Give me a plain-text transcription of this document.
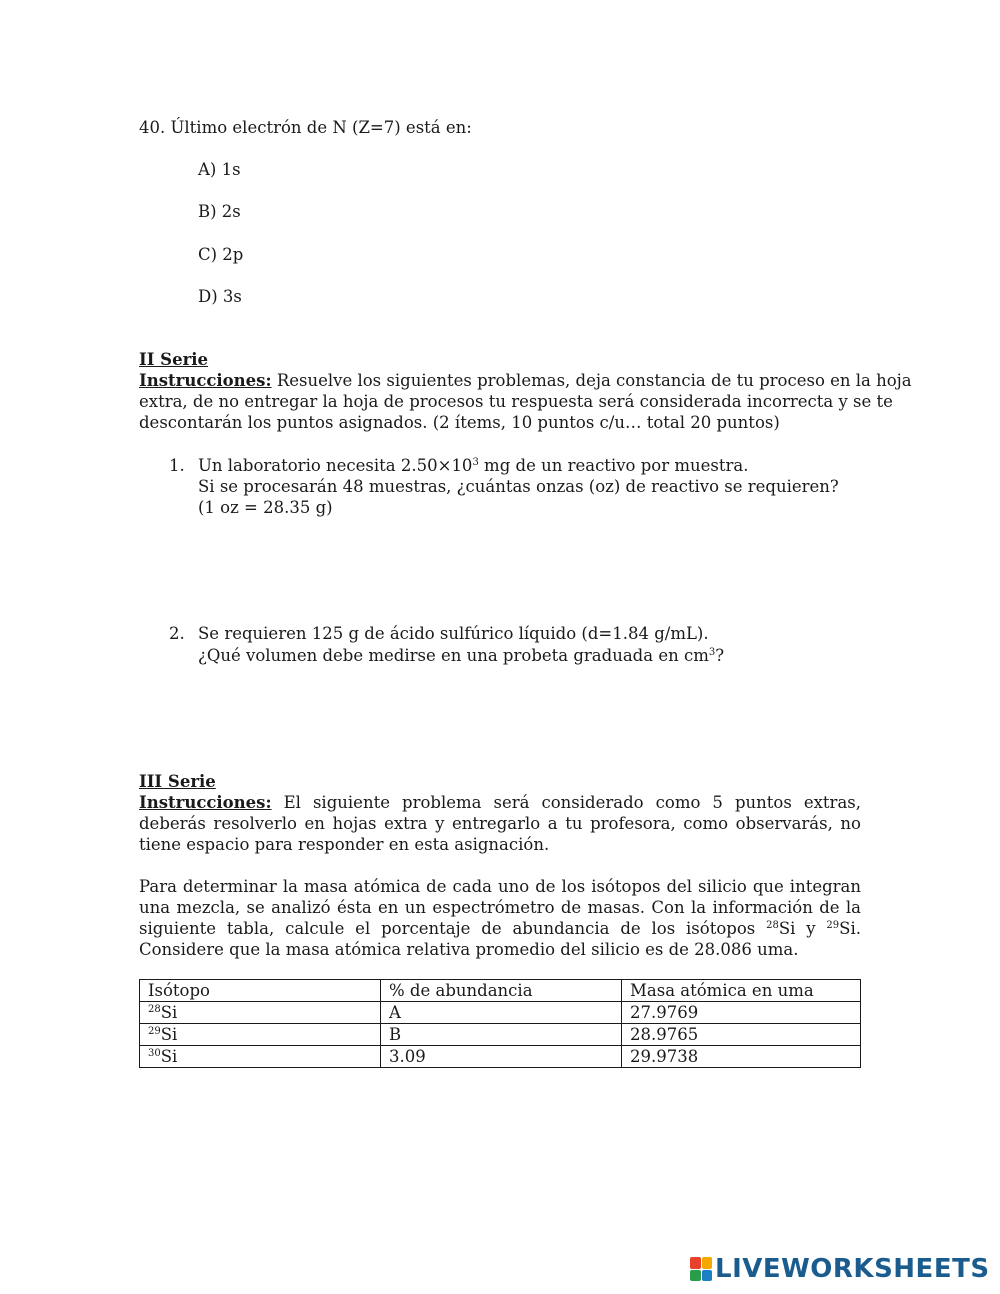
40. Último electrón de N (Z=7) está en:
A) 1s
B) 2s
C) 2p
D) 3s
II Serie
Instrucciones: Resuelve los siguientes problemas, deja constancia de tu proceso en la hoja
extra, de no entregar la hoja de procesos tu respuesta será considerada incorrecta y se te
descontarán los puntos asignados. (2 ítems, 10 puntos c/u… total 20 puntos)
1. Un laboratorio necesita $2.50\times 10^3$ mg de un reactivo por muestra.
Si se procesarán 48 muestras, ¿cuántas onzas (oz) de reactivo se requieren?
(1 oz = 28.35 g)
2. Se requieren 125 g de ácido sulfúrico líquido (d=1.84 g/mL).
¿Qué volumen debe medirse en una probeta graduada en $cm^3$?
III Serie
Instrucciones: El siguiente problema será considerado como 5 puntos extras, deberás resolverlo en hojas extra y entregarlo a tu profesora, como observarás, no tiene espacio para responder en esta asignación.
Para determinar la masa atómica de cada uno de los isótopos del silicio que integran una mezcla, se analizó ésta en un espectrómetro de masas. Con la información de la siguiente tabla, calcule el porcentaje de abundancia de los isótopos $^{28}$Si y $^{29}$Si. Considere que la masa atómica relativa promedio del silicio es de 28.086 uma.
Isótopo	% de abundancia	Masa atómica en uma
$^{28}$Si	A	27.9769
$^{29}$Si	B	28.9765
$^{30}$Si	3.09	29.9738
LIVEWORKSHEETS
